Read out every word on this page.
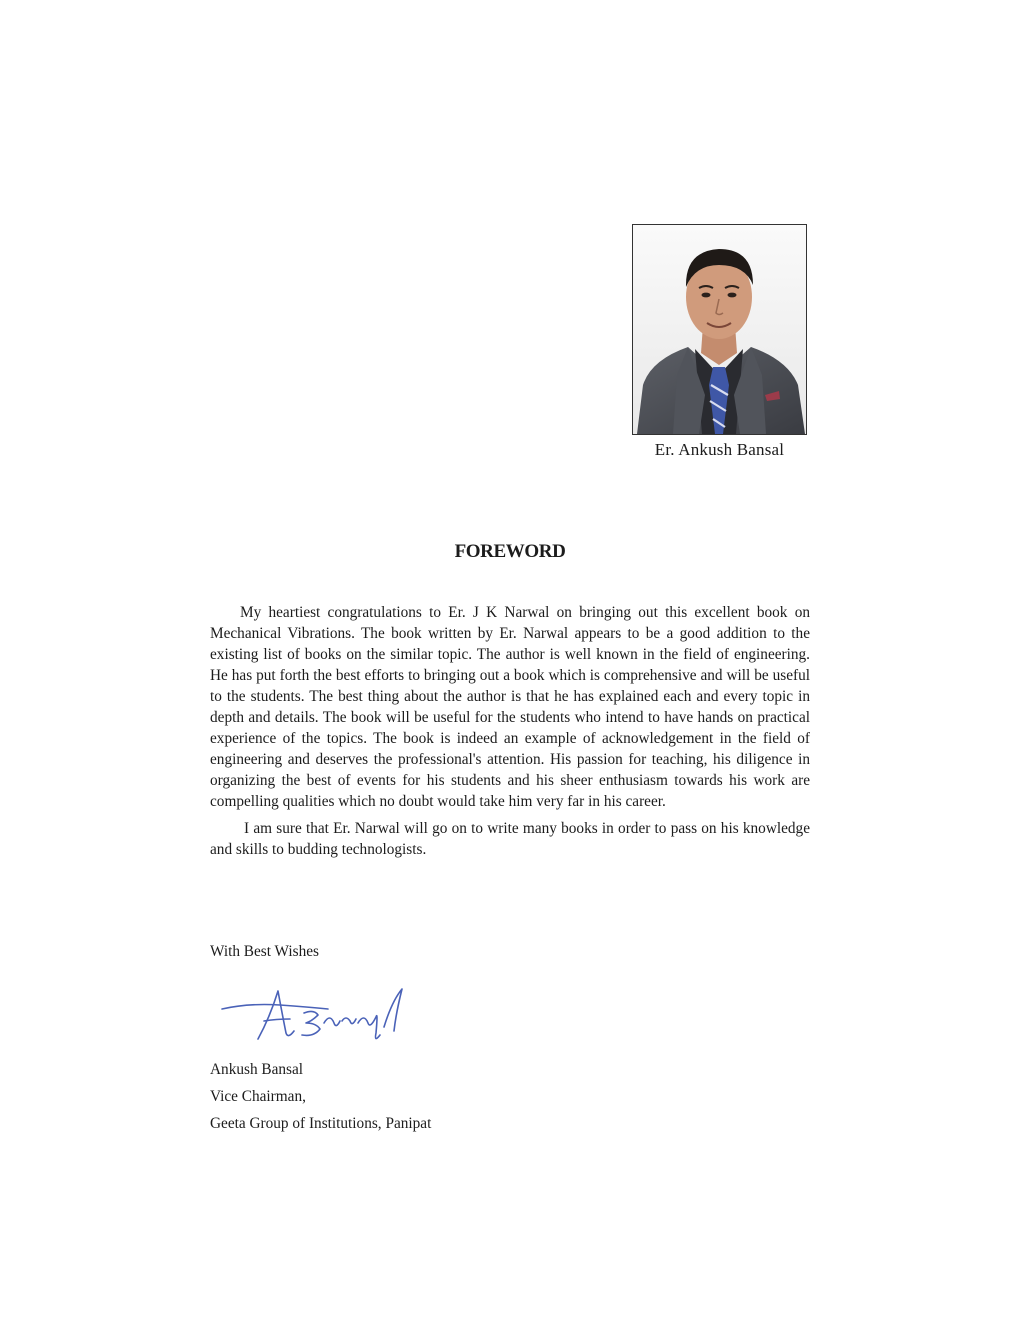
Er. Ankush Bansal
FOREWORD

My heartiest congratulations to Er. J K Narwal on bringing out this excellent book on Mechanical Vibrations. The book written by Er. Narwal appears to be a good addition to the existing list of books on the similar topic. The author is well known in the field of engineering. He has put forth the best efforts to bringing out a book which is comprehensive and will be useful to the students. The best thing about the author is that he has explained each and every topic in depth and details. The book will be useful for the students who intend to have hands on practical experience of the topics. The book is indeed an example of acknowledgement in the field of engineering and deserves the professional's attention. His passion for teaching, his diligence in organizing the best of events for his students and his sheer enthusiasm towards his work are compelling qualities which no doubt would take him very far in his career.

I am sure that Er. Narwal will go on to write many books in order to pass on his knowledge and skills to budding technologists.

With Best Wishes
Ankush Bansal
Vice Chairman,
Geeta Group of Institutions, Panipat
